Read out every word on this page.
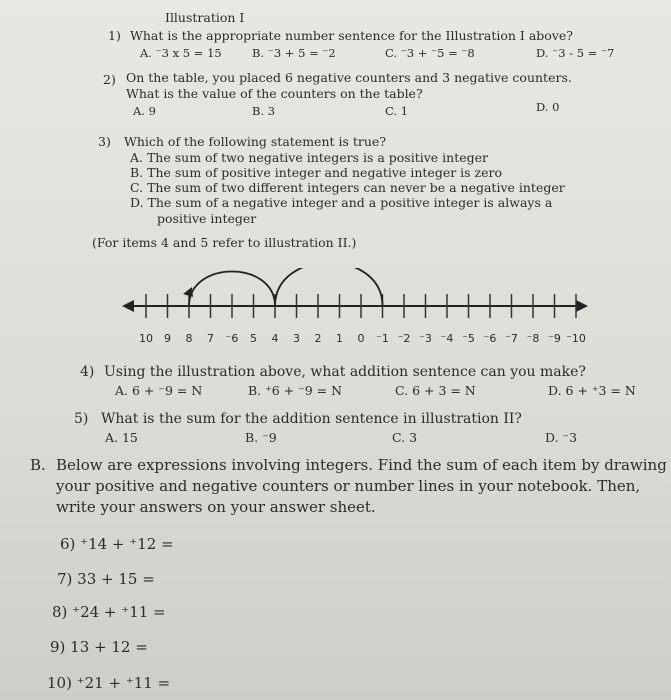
Illustration I
1) What is the appropriate number sentence for the Illustration I above?
A. ⁻3 x 5 = 15	B. ⁻3 + 5 = ⁻2	C. ⁻3 + ⁻5 = ⁻8	D. ⁻3 - 5 = ⁻7
2) On the table, you placed 6 negative counters and 3 negative counters.
What is the value of the counters on the table?
A. 9	B. 3	C. 1	D. 0
3) Which of the following statement is true?
A. The sum of two negative integers is a positive integer
B. The sum of positive integer and negative integer is zero
C. The sum of two different integers can never be a negative integer
D. The sum of a negative integer and a positive integer is always a
positive integer
(For items 4 and 5 refer to illustration II.)
10 9 8 7 ⁻6 5 4 3 2 1 0 ⁻1 ⁻2 ⁻3 ⁻4 ⁻5 ⁻6 ⁻7 ⁻8 ⁻9 ⁻10
4) Using the illustration above, what addition sentence can you make?
A. 6 + ⁻9 = N	B. ⁺6 + ⁻9 = N	C. 6 + 3 = N	D. 6 + ⁺3 = N
5) What is the sum for the addition sentence in illustration II?
A. 15	B. ⁻9	C. 3	D. ⁻3
B. Below are expressions involving integers. Find the sum of each item by drawing
your positive and negative counters or number lines in your notebook. Then,
write your answers on your answer sheet.
6) ⁺14 + ⁺12 =
7) 33 + 15 =
8) ⁺24 + ⁺11 =
9) 13 + 12 =
10) ⁺21 + ⁺11 =
